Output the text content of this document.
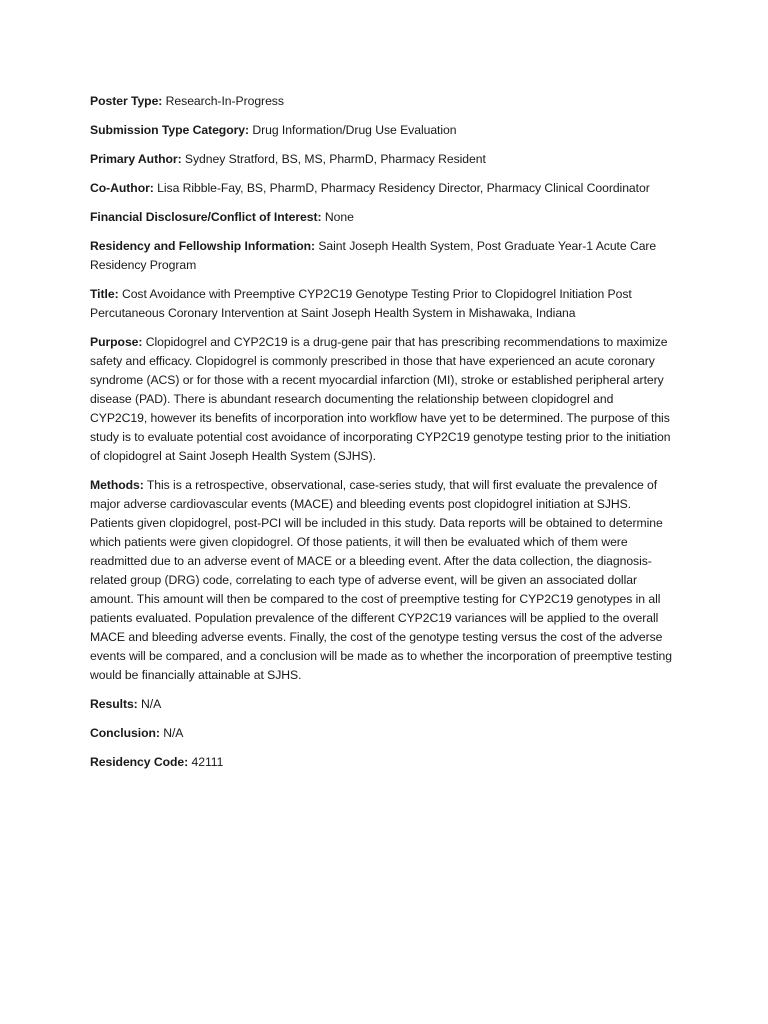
Poster Type: Research-In-Progress

Submission Type Category: Drug Information/Drug Use Evaluation

Primary Author: Sydney Stratford, BS, MS, PharmD, Pharmacy Resident

Co-Author: Lisa Ribble-Fay, BS, PharmD, Pharmacy Residency Director, Pharmacy Clinical Coordinator

Financial Disclosure/Conflict of Interest: None

Residency and Fellowship Information: Saint Joseph Health System, Post Graduate Year-1 Acute Care Residency Program

Title: Cost Avoidance with Preemptive CYP2C19 Genotype Testing Prior to Clopidogrel Initiation Post Percutaneous Coronary Intervention at Saint Joseph Health System in Mishawaka, Indiana

Purpose: Clopidogrel and CYP2C19 is a drug-gene pair that has prescribing recommendations to maximize safety and efficacy. Clopidogrel is commonly prescribed in those that have experienced an acute coronary syndrome (ACS) or for those with a recent myocardial infarction (MI), stroke or established peripheral artery disease (PAD). There is abundant research documenting the relationship between clopidogrel and CYP2C19, however its benefits of incorporation into workflow have yet to be determined. The purpose of this study is to evaluate potential cost avoidance of incorporating CYP2C19 genotype testing prior to the initiation of clopidogrel at Saint Joseph Health System (SJHS).

Methods: This is a retrospective, observational, case-series study, that will first evaluate the prevalence of major adverse cardiovascular events (MACE) and bleeding events post clopidogrel initiation at SJHS. Patients given clopidogrel, post-PCI will be included in this study. Data reports will be obtained to determine which patients were given clopidogrel. Of those patients, it will then be evaluated which of them were readmitted due to an adverse event of MACE or a bleeding event. After the data collection, the diagnosis-related group (DRG) code, correlating to each type of adverse event, will be given an associated dollar amount. This amount will then be compared to the cost of preemptive testing for CYP2C19 genotypes in all patients evaluated. Population prevalence of the different CYP2C19 variances will be applied to the overall MACE and bleeding adverse events. Finally, the cost of the genotype testing versus the cost of the adverse events will be compared, and a conclusion will be made as to whether the incorporation of preemptive testing would be financially attainable at SJHS.

Results: N/A

Conclusion: N/A

Residency Code: 42111
